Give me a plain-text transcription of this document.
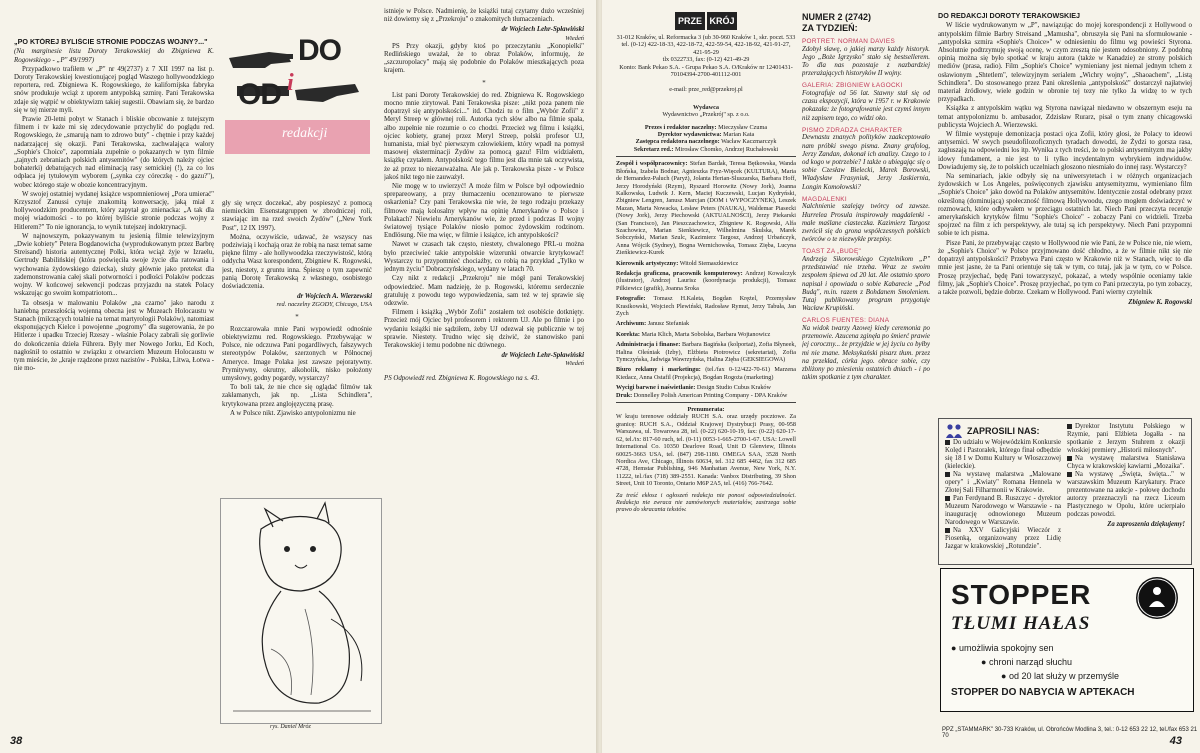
„PO KTÓREJ BYLIŚCIE STRONIE PODCZAS WOJNY?..."

(Na marginesie listu Doroty Terakowskiej do Zbigniewa K. Rogowskiego - „P" 49/1997)

Przypadkowo trafiłem w „P" nr 49(2737) z 7 XII 1997 na list p. Doroty Terakowskiej kwestionującej pogląd Waszego hollywoodzkiego reportera, red. Zbigniewa K. Rogowskiego, że kalifornijska fabryka snów produkuje wciąż z uporem antypolską szmirę. Pani Terakowska zdaje się wątpić w obiektywizm takiej sugestii. Obawiam się, że bardzo się w tej mierze myli.

Prawie 20-letni pobyt w Stanach i bliskie obcowanie z tutejszym filmem i tv każe mi się zdecydowanie przychylić do poglądu red. Rogowskiego, że „smarują nam to zdrowo buty" - chętnie i przy każdej nadarzającej się okazji. Pani Terakowska, zachwalająca walory „Sophie's Choice", zapomniała zupełnie o pokazanych w tym filmie „tajnych zebraniach polskich antysemitów" (do których należy ojciec bohaterki) debatujących nad eliminacją rasy semickiej (!), za co los odpłaca jej tytułowym wyborem („synka czy córeczkę - do gazu?"), wobec którego staje w obozie koncentracyjnym.

W swojej ostatniej wydanej książce wspomnieniowej „Pora umierać" Krzysztof Zanussi cytuje znakomitą konwersację, jaką miał z hollywoodzkim producentem, który zapytał go znienacka: „A tak dla mojej wiadomości - to po której byliście stronie podczas wojny z Hitlerem?" To nie ignorancja, to wynik tutejszej indoktrynacji.

W najnowszym, pokazywanym tu jesienią filmie telewizyjnym „Dwie kobiety" Petera Bogdanowicha (wyprodukowanym przez Barbrę Streisand) historia autentycznej Polki, która wciąż żyje w Izraelu, Gertrudy Babilińskiej (która poświęciła swoje życie dla ratowania i wychowania żydowskiego dziecka), służy głównie jako pretekst dla zademonstrowania całej skali potworności i podłości Polaków podczas wojny. W końcowej sekwencji podczas przyjazdu na statek Polacy wskazując go swoim kompatriotom...

Ta obsesja w malowaniu Polaków „na czarno" jako narodu z haniebną przeszłością wojenną obecna jest w Muzeach Holocaustu w Stanach (milczących totalnie na temat martyrologii Polaków), natomiast eksponujących Kielce i powojenne „pogromy" dla sugerowania, że po Hitlerze i upadku Trzeciej Rzeszy - właśnie Polacy zabrali się gorliwie do dokończenia dzieła Führera. Były mer Nowego Jorku, Ed Koch, nagłośnił to ostatnio w związku z otwarciem Muzeum Holocaustu w tym mieście, że „kraje rządzone przez nazistów - Polska, Litwa, Łotwa - nie mo-

DO
OD i
redakcji

gły się wręcz doczekać, aby pospieszyć z pomocą niemieckim Eisenstatgruppen w zbrodniczej roli, stawiając im na rzeź swoich Żydów" („New York Post", 12 IX 1997).

Można, oczywiście, udawać, że wszyscy nas podziwiają i kochają oraz że robią na nasz temat same piękne filmy - ale hollywoodzka rzeczywistość, którą oddycha Wasz korespondent, Zbigniew K. Rogowski, jest, niestety, z gruntu inna. Śpieszę o tym zapewnić panią Dorotę Terakowską z własnego, osobistego doświadczenia.

dr Wojciech A. Wierzewski
red. naczelny ZGODY, Chicago, USA
*

Rozczarowała mnie Pani wypowiedź odnośnie obiektywizmu red. Rogowskiego. Przebywając w Polsce, nie odczuwa Pani pogardliwych, fałszywych stereotypów Polaków, szerzonych w Północnej Ameryce. Image Polaka jest zawsze pejoratywny. Prymitywny, okrutny, alkoholik, nisko położony umysłowy, godny pogardy, wystarczy?

To boli tak, że nie chce się oglądać filmów tak zakłamanych, jak np. „Lista Schindlera", krytykowana przez anglojęzyczną prasę.

A w Polsce nikt. Zjawisko antypolonizmu nie

rys. Daniel Mróz

istnieje w Polsce. Nadmienię, że książki tutaj czytamy dużo wcześniej niż dowiemy się z „Przekroju" o znakomitych tłumaczeniach.

dr Wojciech Lehr-Spławiński
Wiedeń

PS Przy okazji, gdyby ktoś po przeczytaniu „Konopielki" Redlińskiego uważał, że to obraz Polaków, informuję, że „szczuropolacy" mają się podobnie do Polaków mieszkających poza krajem.

*

List pani Doroty Terakowskiej do red. Zbigniewa K. Rogowskiego mocno mnie zirytował. Pani Terakowska pisze: „nikt poza panem nie dopatrzył się antypolskości..." itd. Chodzi tu o film „Wybór Zofii" z Meryl Streep w głównej roli. Autorka tych słów albo na filmie spała, albo zupełnie nie rozumie o co chodzi. Przecież wg filmu i książki, ojciec kobiety, granej przez Meryl Streep, polski profesor UJ, humanista, miał być pierwszym człowiekiem, który wpadł na pomysł masowej eksterminacji Żydów za pomocą gazu! Film widziałem, książkę czytałem. Antypolskość tego filmu jest dla mnie tak oczywista, że aż przez to niezauważalna. Ale jak p. Terakowska pisze - w Polsce jakoś nikt tego nie zauważył.

Nie mogę w to uwierzyć! A może film w Polsce był odpowiednio sprepareowany, a przy tłumaczeniu ocenzurowano te pierwsze oskarżenia? Czy pani Terakowska nie wie, że tego rodzaju przekazy filmowe mają kolosalny wpływ na opinię Amerykanów o Polsce i Polakach? Niewielu Amerykanów wie, że przed i podczas II wojny światowej tysiące Polaków niosło pomoc żydowskim rodzinom. Endlösung. Nie ma więc, w filmie i książce, ich antypolskości?

Nawet w czasach tak często, niestety, chwalonego PRL-u można było przeciwieć takie antypolskie wizerunki otwarcie krytykować! Wystarczy tu przypomnieć chociażby, co robią na przykład „Tylko w jednym życiu" Dobraczyńskiego, wydany w latach 70.

Czy nikt z redakcji „Przekroju" nie mógł pani Terakowskiej odpowiedzieć. Mam nadzieję, że p. Rogowski, któremu serdecznie gratuluję z powodu tego wypowiedzenia, sam też w tej sprawie się odezwie.

Filmem i książką „Wybór Zofii" zostałem też osobiście dotknięty. Przecież mój Ojciec był profesorem i rektorem UJ. Ale po filmie i po wydaniu książki nie sądziłem, żeby UJ odezwał się publicznie w tej sprawie. Niestety. Trudno więc się dziwić, że stanowisko pani Terakowskiej i temu podobne nic dziwnego.

dr Wojciech Lehr-Spławiński
Wiedeń

PS Odpowiedź red. Zbigniewa K. Rogowskiego na s. 43.

38
PRZE KRÓJ
31-012 Kraków, ul. Reformacka 3 (ub 30-960 Kraków 1, skr. poczt. 533
tel. (0-12) 422-18-33, 422-18-72, 422-59-54, 422-18-92, 421-91-27, 421-95-29
tlx 0322733, fax: (0-12) 421-49-29
Konto: Bank Pekao S.A. - Grupa Pekao S.A. O/Kraków nr 12401431-70104394-2700-401112-001
e-mail: prze_red@przekroj.pl
Wydawca
Wydawnictwo „Przekrój" sp. z o.o.
Prezes i redaktor naczelny: Mieczysław Czuma
Dyrektor wydawnictwa: Marian Kata
Zastępca redaktora naczelnego: Wacław Kaczmarczyk
Sekretarz red.: Mirosław Chomko, Andrzej Ruchałowski
Zespół i współpracownicy: Stefan Bardak, Teresa Bętkowska, Wanda Błońska, Izabela Bodnar, Agnieszka Fryz-Więcek (KULTURA), Maria de Hernandez-Paluch (Paryż), Jolanta Herian-Sluszarska, Barbara Hoff, Jerzy Horodyński (Rzym), Ryszard Horowitz (Nowy Jork), Joanna Kalkowska, Ludwik J. Kern, Maciej Kuczewski, Lucjan Kydryński, Zbigniew Lengren, Janusz Marcjan (DOM i WYPOCZYNEK), Leszek Mazan, Marta Nowacka, Lesław Peters (NAUKA), Waldemar Piasecki (Nowy Jork), Jerzy Piechowski (AKTUALNOŚCI), Jerzy Piekarski (San Francisco), Jan Pieszczachowicz, Zbigniew K. Rogowski, Alfa Szachowicz, Marian Sienkiewicz, Wilhelmina Skulska, Marek Sobczyński, Marian Szulc, Kazimierz Targosz, Andrzej Urbańczyk, Anna Wójcik (Sydney), Bogna Wernichowska, Tomasz Zięba, Lucyna Zieńkiewicz-Kurek
Kierownik artystyczny: Witold Siemaszkiewicz
Redakcja graficzna, pracownik komputerowy: Andrzej Kowalczyk (ilustrator), Andrzej Laurisz (koordynacja produkcji), Tomasz Pilkiewicz (grafik), Joanna Sroka
Fotografie: Tomasz H.Kaleta, Bogdan Krężel, Przemysław Krasikowski, Wojciech Plewiński, Radosław Rymut, Jerzy Tabuła, Jan Zych
Archiwum: Janusz Stefaniak
Korekta: Maria Klich, Marta Sobolska, Barbara Wojtanowicz
Administracja i finanse: Barbara Bagińska (kolportaż), Zofia Błyneek, Halina Oleśniak (Izby), Elżbieta Piotrowicz (sekretariat), Zofia Tymczyńska, Jadwiga Wawrzyńska, Halina Zięba (GEKSIEGOWA)
Biuro reklamy i marketingu: (tel./fax 0-12/422-70-61) Marzena Kiedacz, Anna Ostafil (Projekcja), Bogdan Rogoża (marketing)
Wycigi barwne i naświetlanie: Design Studio Cubus Kraków
Druk: Donnelley Polish American Printing Company - DPA Kraków
Prenumerata:
W kraju terenowe oddziały RUCH S.A. oraz urzędy pocztowe. Za granicę: RUCH S.A., Oddział Krajowej Dystrybucji Prasy, 00-958 Warszawa, ul. Towarowa 28, tel. (0-22) 620-10-19, fax: (0-22) 620-17-62, tel./ix: 817-60 ruch, tel. (0-11) 0053-1-665-2700-1-67. USA: Lowell International Co. 10350 Dearlove Road, Unit D Glenview, Illinois 60025-3663 USA, tel. (847) 298-1180. OMEGA SAA, 3528 North Nordica Ave, Chicago, Illinois 60634, tel. 312 685 4462, fax 312 685 4728, Hemstar Publishing, 946 Manhattan Avenue, New York, N.Y. 11222, tel./fax (718) 389-2551. Kanada: Vanbox Distributing, 39 Shon Street, Unit 10 Toronto, Ontario M6P 2A5, tel. (416) 766-7642.
Za treść ekłosz i ogłoszeń redakcja nie ponosi odpowiedzialności. Redakcja nie zwraca nie zamówionych materiałów, zastrzega sobie prawo do skracania tekstów.
NUMER 2 (2742)
ZA TYDZIEŃ:
PORTRET: NORMAN DAVIES
Zdobył sławę, o jakiej marzy każdy historyk. Jego „Boże Igrzysko" stało się bestsellerem. To dla nas pozostaje z nazbardziej przerażających historyków II wojny.
GALERIA: ZBIGNIEW ŁAGOCKI
Fotografuje od 56 lat. Stawny stał się od czasu ekspozycji, która w 1957 r. w Krakowie pokazała: że fotografowanie jest czymś innym niż zapisem tego, co widzi oko.
PISMO ZDRADZA CHARAKTER
Dewnastu znanych polityków zaakceptowało nam próbki swego pisma. Znany grafolog, Jerzy Zandan, dokonał ich analizy. Czego to i od kogo w potrzebie? I także o ubiegając się o sobie Czesław Bielecki, Marek Borowski, Władysław Frasyniuk, Jerzy Jaskiernia, Longin Komołowski?
MAGDALENKI
Nalchnienie szalejąy twórcy od zawsze. Hurrelea Prosula inspirowały magdalenki - małe maślane ciasteczka. Kazimierz Targosz zwrócił się do grona współczesnych polskich twórców o te niezwykłe przepisy.
TOAST ZA „BUDĘ"
Andrzeja Sikorowskiego Czytelnikom „P" przedstawiać nie trzeba. Wraz ze swoim zespołem śpiewa od 20 lat. Ale ostatnio sporo napisał i opowiada o sobie Kabarecie „Pod Budą", m.in. razem z Bohdanem Smoleniem. Tutaj publikowany program przygotuje Wacław Krupiński.
CARLOS FUENTES: DIANA
Na widok twarzy Azowej kiedy ceremonia po przemowie. Azucena zginęła po śmierć prawie jej coroczny... że przyjdzie w jej życiu co byłby mi nie znane. Meksykański pisarz tłum. przez na przekład, córka jego. obrace sobie, czy zbliżony po zniesieniu ostatnich dniach - i po takim spotkanie z tym charakter.
DO REDAKCJI DOROTY TERAKOWSKIEJ

W liście wydrukowanym w „P", nawiązując do mojej korespondencji z Hollywood o antypolskim filmie Barbry Streisand „Mamusha", obruszyła się Pani na sformułowanie - „antypolska szmira «Sophie's Choice»" w odniesieniu do filmu wg powieści Styrona. Absolutnie podtrzymuję swoją ocenę, w czym zresztą nie jestem odosobniony. Z podobną opinią można się było spotkać w kraju autora (także w Kanadzie) ze strony polskich mediów (prasa, radio). Film „Sophie's Choice" wymieniany jest niemal jednym tchem z osławionym „Shtetlem", telewizyjnym serialem „Wichry wojny", „Shaoachem", „Listą Schindlera". Do stosowanego przez Pani określenia „antypolskość" dostarczył najłatwiej materiał źródłowy, wiele godzin w obronie tej tezy nie tylko Ja widzę to w tych przypadkach.

Książka z antypolskim wątku wg Styrona nawiązał niedawno w obszernym eseju na temat antypolonizmu b. ambasador, Zdzisław Rurarz, pisał o tym znany chicagowski publicysta Wojciech A. Wierzewski.

W filmie występuje demonizacja postaci ojca Zofii, który głosi, że Polacy to ideowi antysemici. W swych pseudofilozoficznych tyradach dowodzi, że Żydzi to gorsza rasa, zagłuszają na odpowiedni los itp. Wynika z tych treści, że to polski antysemityzm ma jakby idowy fundament, a nie jest to li tylko incydentalnym wybrykiem indywiduów. Dowiadujemy się, że to polskich uczelniach głoszono niesmiało do innej rasy. Wystarczy?

Na seminariach, jakie odbyły się na uniwersytetach i w różnych organizacjach żydowskich w Los Angeles, poświęconych zjawisku antysemityzmu, wymieniano film „Sophie's Choice" jako dowód na Polaków antysemitów. Identycznie zostal odebrany przez określoną (dominującą) społeczność filmową Hollywoodu, czego mogłem doświadczyć w rozmowach, które odbywałem w przeciągu ostatnich lat. Niech Pani przeczyta recenzje amerykańskich krytyków filmu "Sophie's Choice" - zobaczy Pani co widzieli. Trzeba spojrzeć na film z ich perspektywy, ale tutaj są ich perspektywy. Niech Pani przypomni sobie te ich pisma.

Pisze Pani, że przebywając często w Hollywood nie wie Pani, że w Polsce nie, nie wiem, że „Sophie's Choice" w Polsce przyjmowano dość chłodno, a że w filmie nikt się nie dopatrzył antypolskości? Przebywa Pani często w Krakowie niż w Stanach, więc to dla mnie jest jasne, że ta Pani orientuje się tak w tym, co tutaj, jak ja w tym, co w Polsce. Proszę przyjechać, będę Pani towarzyszyć, pokazać, a wtedy wspólnie oceniamy takie filmy, jak „Sophie's Choice". Proszę przyjechać, po tym co Pani przeczyta, po tym zobaczy, a także pozwoli, będzie dobrze. Czekam w Hollywood. Pani wierny czytelnik

Zbigniew K. Rogowski
ZAPROSILI NAS:
Do udziału w Wojewódzkim Konkursie Kolęd i Pastorałek, którego finał odbędzie się 18 I w Domu Kultury w Włoszczowej (kieleckie).
Na wystawę malarstwa „Malowane opery" i „Kwiaty" Romana Hennela w Złotej Sali Filharmonii w Krakowie.
Pan Ferdynand B. Ruszczyc - dyrektor Muzeum Narodowego w Warszawie - na inaugurację odnowionego Muzeum Narodowego w Warszawie.
Na XXV Galicyjski Wieczór z Piosenką, organizowany przez Lidię Jazgar w krakowskiej „Rotundzie".
Dyrektor Instytutu Polskiego w Rzymie, pani Elżbieta Jogałła - na spotkanie z Jerzym Stuhrem z okazji włoskiej premiery „Historii miłosnych".
Na wystawę malarstwa Stanisława Chyca w krakowskiej kawiarni „Mozaika".
Na wystawę „Święta, święta..." w warszawskim Muzeum Karykatury. Prace prezentowane na aukcje - połowę dochodu autorzy przeznaczyli na rzecz Liceum Plastycznego w Opolu, które ucierpiało podczas powodzi.
Za zaproszenia dziękujemy!
STOPPER
TŁUMI HAŁAS
● umożliwia spokojny sen
● chroni narząd słuchu
● od 20 lat służy w przemyśle
STOPPER DO NABYCIA W APTEKACH
PPZ „STAMMARK" 30-733 Kraków, ul. Obrońców Modlina 3, tel.: 0-12 653 22 12, tel./fax 653 21 70	43
